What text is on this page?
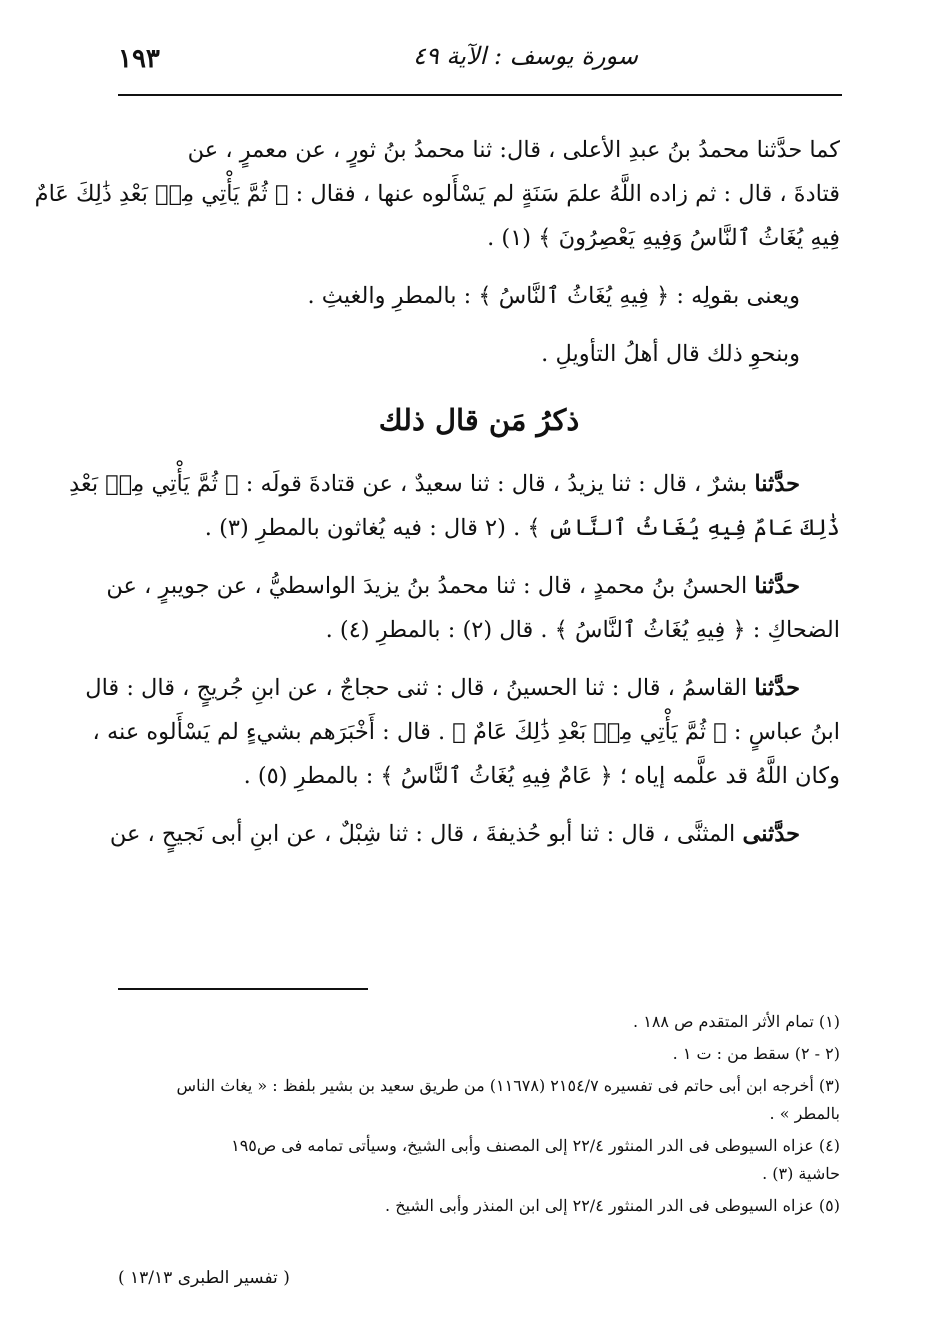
١٩٣	سورة يوسف : الآية ٤٩
كما حدَّثنا محمدُ بنُ عبدِ الأعلى ، قال: ثنا محمدُ بنُ ثورٍ ، عن معمرٍ ، عن
قتادةَ ، قال : ثم زاده اللَّهُ علمَ سَنَةٍ لم يَسْأَلوه عنها ، فقال : ﴿ ثُمَّ يَأْتِي مِنۢ بَعْدِ ذَٰلِكَ عَامٌ
فِيهِ يُغَاثُ ٱلنَّاسُ وَفِيهِ يَعْصِرُونَ ﴾ (١) .
ويعنى بقولِه : ﴿ فِيهِ يُغَاثُ ٱلنَّاسُ ﴾ : بالمطرِ والغيثِ .
وبنحوِ ذلك قال أهلُ التأويلِ .
ذكرُ مَن قال ذلك
حدَّثنا بشرٌ ، قال : ثنا يزيدُ ، قال : ثنا سعيدٌ ، عن قتادةَ قولَه : ﴿ ثُمَّ يَأْتِي مِنۢ بَعْدِ
ذَٰلِكَ عَامٌ فِيهِ يُغَاثُ ٱلنَّاسُ ﴾ . (٢ قال : فيه يُغاثون بالمطرِ (٣) .
حدَّثنا الحسنُ بنُ محمدٍ ، قال : ثنا محمدُ بنُ يزيدَ الواسطيُّ ، عن جويبرٍ ، عن
الضحاكِ : ﴿ فِيهِ يُغَاثُ ٱلنَّاسُ ﴾ . قال (٢) : بالمطرِ (٤) .
حدَّثنا القاسمُ ، قال : ثنا الحسينُ ، قال : ثنى حجاجٌ ، عن ابنِ جُريجٍ ، قال : قال
ابنُ عباسٍ : ﴿ ثُمَّ يَأْتِي مِنۢ بَعْدِ ذَٰلِكَ عَامٌ ﴾ . قال : أَخْبَرَهم بشيءٍ لم يَسْأَلوه عنه ،
وكان اللَّهُ قد علَّمه إياه ؛ ﴿ عَامٌ فِيهِ يُغَاثُ ٱلنَّاسُ ﴾ : بالمطرِ (٥) .
حدَّثنى المثنَّى ، قال : ثنا أبو حُذيفةَ ، قال : ثنا شِبْلٌ ، عن ابنِ أبى نَجيحٍ ، عن
(١) تمام الأثر المتقدم ص ١٨٨ .
(٢ - ٢) سقط من : ت ١ .
(٣) أخرجه ابن أبى حاتم فى تفسيره ٢١٥٤/٧ (١١٦٧٨) من طريق سعيد بن بشير بلفظ : « يغاث الناس
بالمطر » .
(٤) عزاه السيوطى فى الدر المنثور ٢٢/٤ إلى المصنف وأبى الشيخ، وسيأتى تمامه فى ص١٩٥
حاشية (٣) .
(٥) عزاه السيوطى فى الدر المنثور ٢٢/٤ إلى ابن المنذر وأبى الشيخ .
( تفسير الطبرى ١٣/١٣ )
